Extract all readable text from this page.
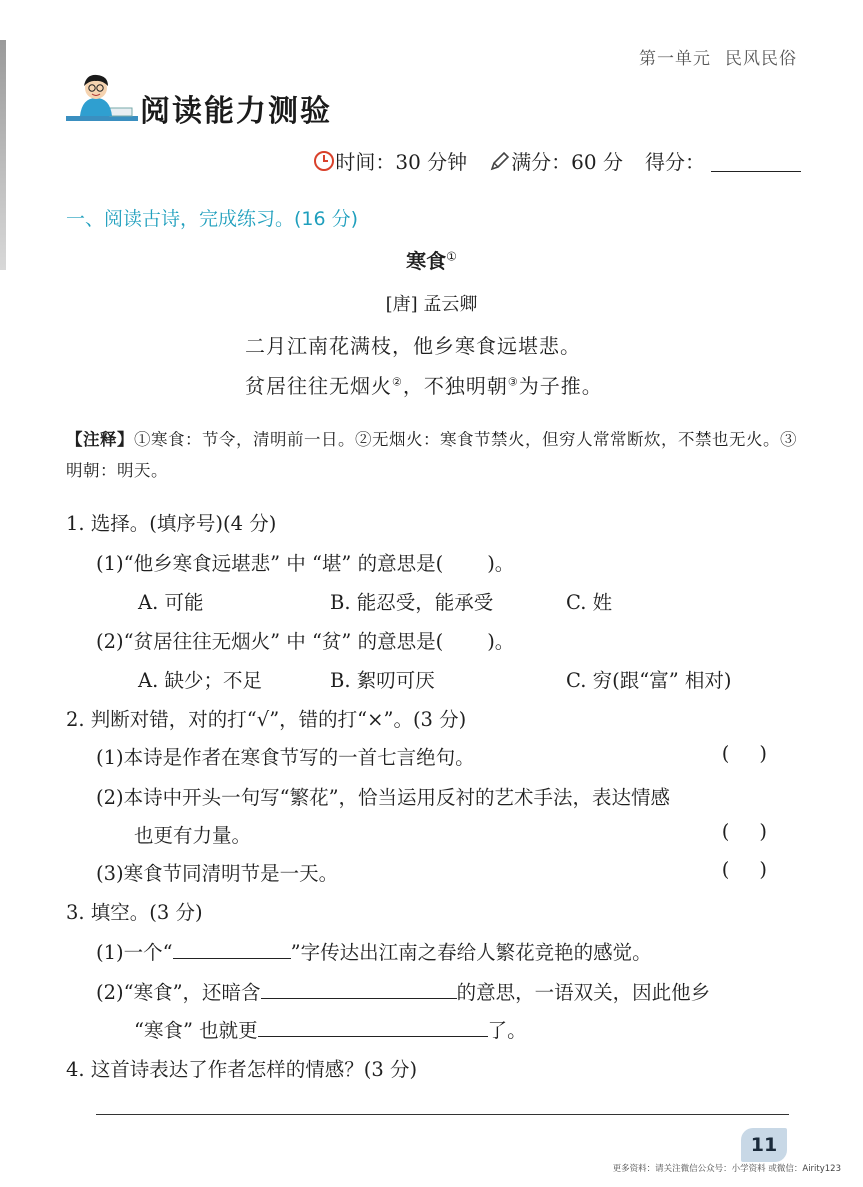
第一单元 民风民俗
阅读能力测验
时间：30 分钟 满分：60 分 得分：
一、阅读古诗，完成练习。(16 分)
寒食①
[唐] 孟云卿
二月江南花满枝，他乡寒食远堪悲。
贫居往往无烟火②，不独明朝③为子推。
【注释】①寒食：节令，清明前一日。②无烟火：寒食节禁火，但穷人常常断炊，不禁也无火。③明朝：明天。
1. 选择。(填序号)(4 分)
(1)“他乡寒食远堪悲” 中 “堪” 的意思是( )。
A. 可能	B. 能忍受，能承受	C. 姓
(2)“贫居往往无烟火” 中 “贫” 的意思是( )。
A. 缺少；不足	B. 絮叨可厌	C. 穷(跟“富” 相对)
2. 判断对错，对的打“√”，错的打“×”。(3 分)
(1)本诗是作者在寒食节写的一首七言绝句。	()
(2)本诗中开头一句写“繁花”，恰当运用反衬的艺术手法，表达情感
也更有力量。	()
(3)寒食节同清明节是一天。	()
3. 填空。(3 分)
(1)一个“	”字传达出江南之春给人繁花竞艳的感觉。
(2)“寒食”，还暗含	的意思，一语双关，因此他乡
“寒食” 也就更	了。
4. 这首诗表达了作者怎样的情感？(3 分)
11
更多资料：请关注微信公众号：小学资料 或微信：Airity123
